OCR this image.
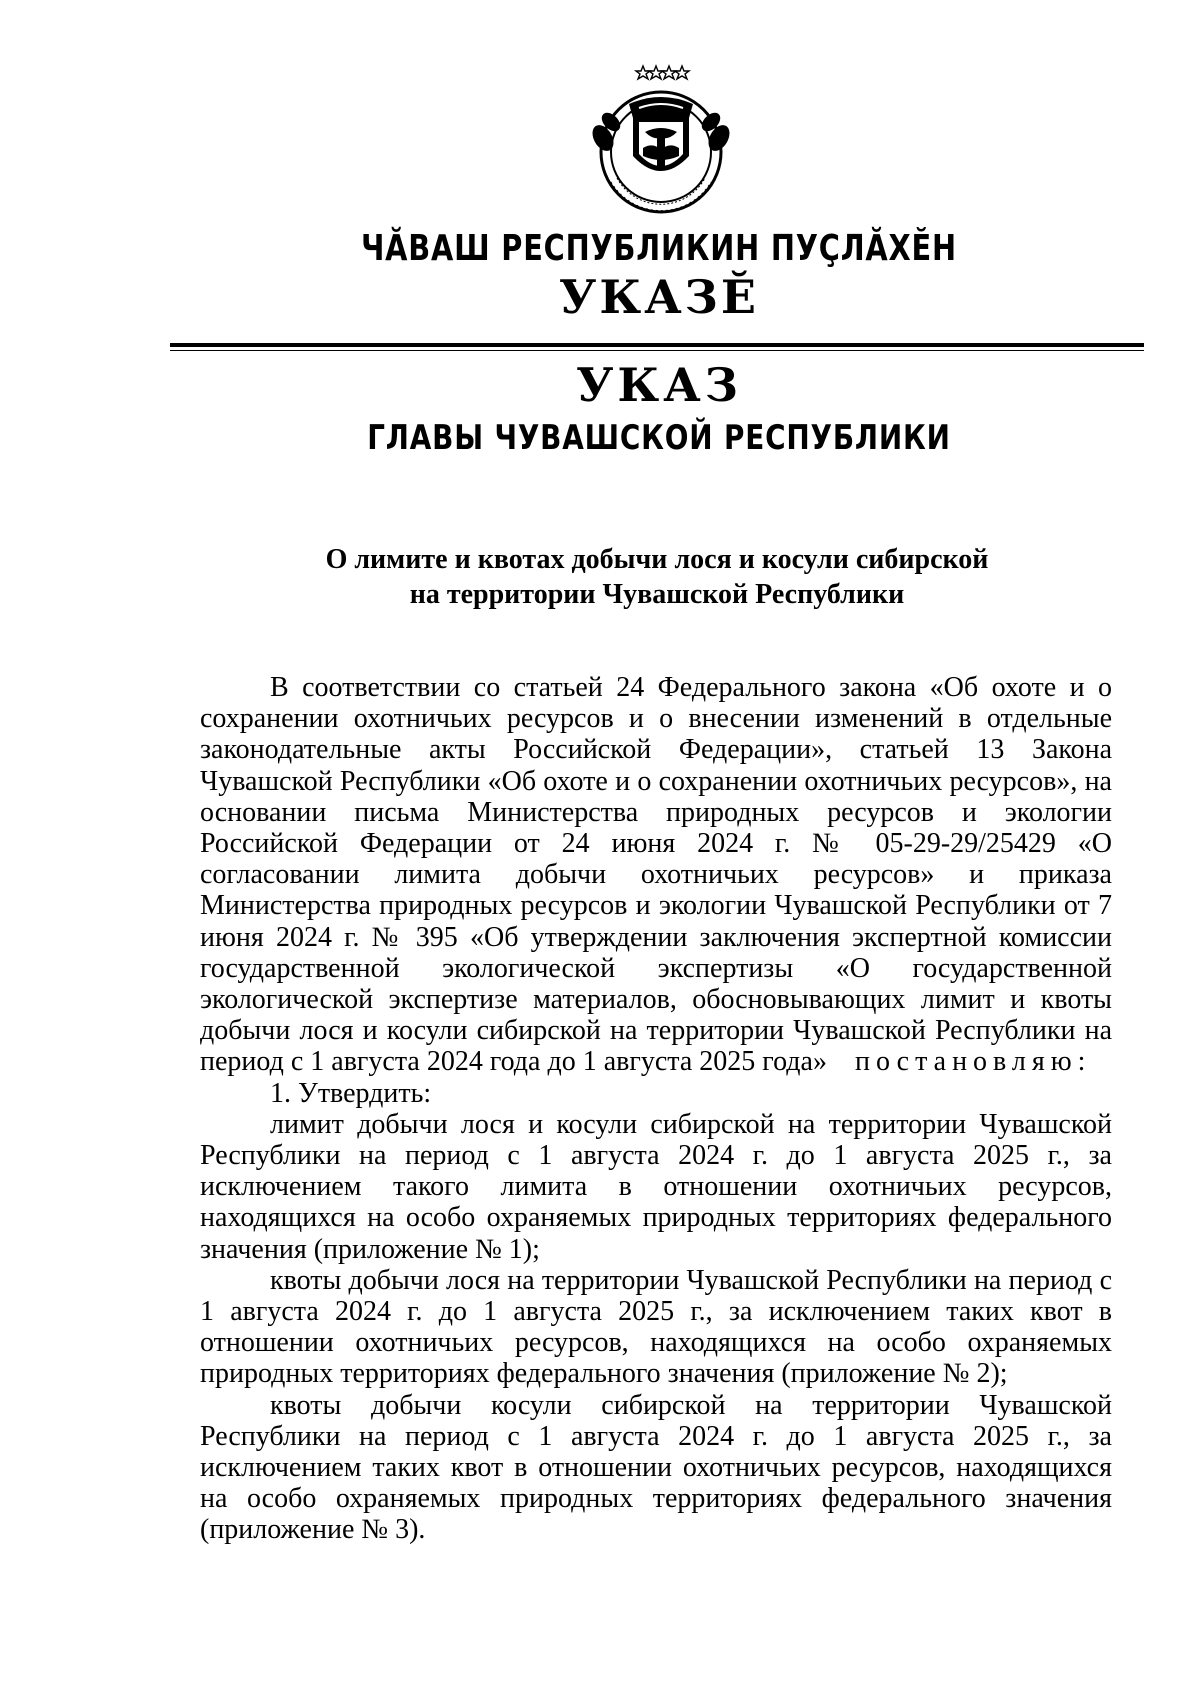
ЧӐВАШ РЕСПУБЛИКИН ПУҪЛӐХӖН
УКАЗӖ
УКАЗ
ГЛАВЫ ЧУВАШСКОЙ РЕСПУБЛИКИ
О лимите и квотах добычи лося и косули сибирской
на территории Чувашской Республики

В соответствии со статьей 24 Федерального закона «Об охоте и о сохранении охотничьих ресурсов и о внесении изменений в отдельные законодательные акты Российской Федерации», статьей 13 Закона Чувашской Республики «Об охоте и о сохранении охотничьих ресурсов», на основании письма Министерства природных ресурсов и экологии Российской Федерации от 24 июня 2024 г. № 05-29-29/25429 «О согласовании лимита добычи охотничьих ресурсов» и приказа Министерства природных ресурсов и экологии Чувашской Республики от 7 июня 2024 г. № 395 «Об утверждении заключения экспертной комиссии государственной экологической экспертизы «О государственной экологической экспертизе материалов, обосновывающих лимит и квоты добычи лося и косули сибирской на территории Чувашской Республики на период с 1 августа 2024 года до 1 августа 2025 года» постановляю:

1. Утвердить:

лимит добычи лося и косули сибирской на территории Чувашской Республики на период с 1 августа 2024 г. до 1 августа 2025 г., за исключением такого лимита в отношении охотничьих ресурсов, находящихся на особо охраняемых природных территориях федерального значения (приложение № 1);

квоты добычи лося на территории Чувашской Республики на период с 1 августа 2024 г. до 1 августа 2025 г., за исключением таких квот в отношении охотничьих ресурсов, находящихся на особо охраняемых природных территориях федерального значения (приложение № 2);

квоты добычи косули сибирской на территории Чувашской Республики на период с 1 августа 2024 г. до 1 августа 2025 г., за исключением таких квот в отношении охотничьих ресурсов, находящихся на особо охраняемых природных территориях федерального значения (приложение № 3).
